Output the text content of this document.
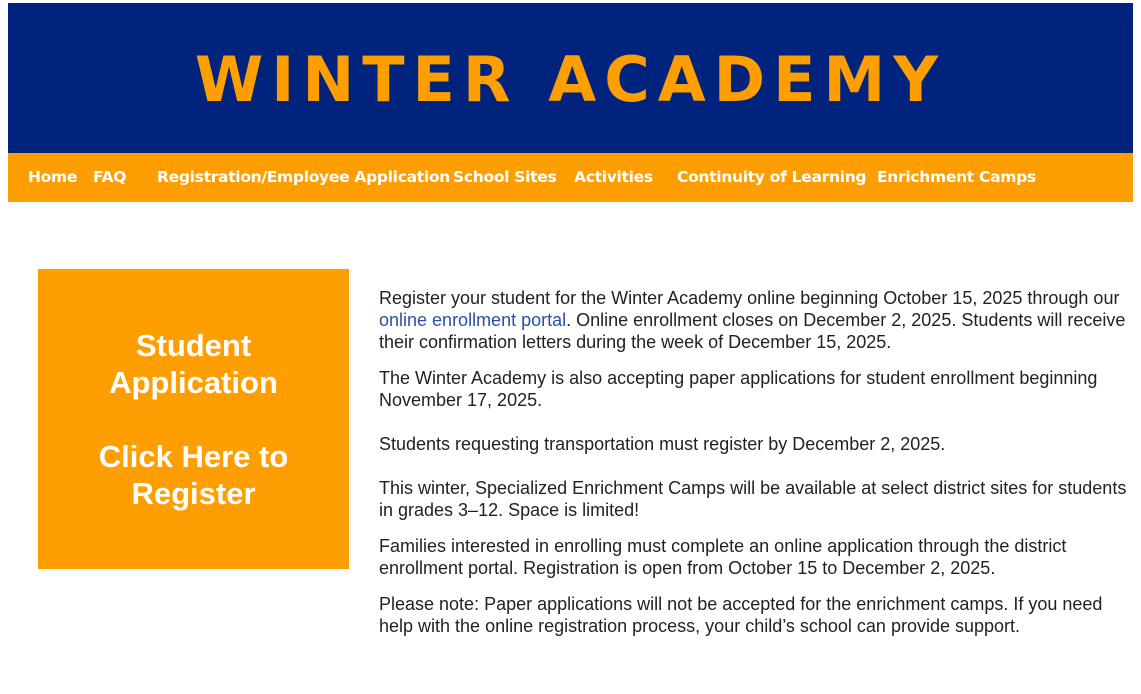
WINTER ACADEMY
Home FAQ Registration/Employee Application School Sites Activities Continuity of Learning Enrichment Camps
Student
Application
Click Here to
Register

Register your student for the Winter Academy online beginning October 15, 2025 through our online enrollment portal. Online enrollment closes on December 2, 2025. Students will receive their confirmation letters during the week of December 15, 2025.

The Winter Academy is also accepting paper applications for student enrollment beginning November 17, 2025.

Students requesting transportation must register by December 2, 2025.

This winter, Specialized Enrichment Camps will be available at select district sites for students in grades 3–12. Space is limited!

Families interested in enrolling must complete an online application through the district enrollment portal. Registration is open from October 15 to December 2, 2025.

Please note: Paper applications will not be accepted for the enrichment camps. If you need help with the online registration process, your child’s school can provide support.
